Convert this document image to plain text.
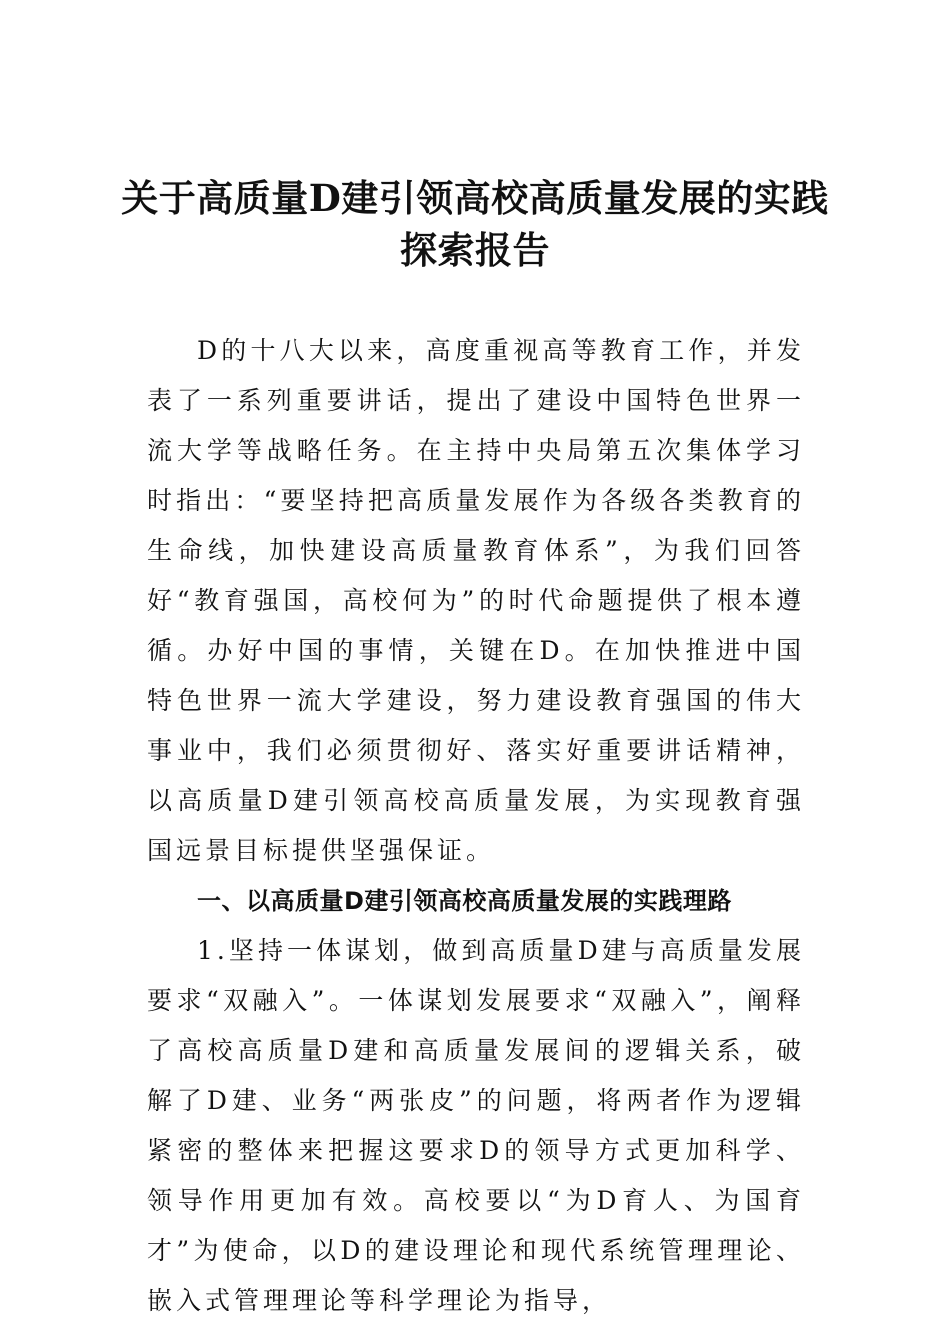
关于高质量D建引领高校高质量发展的实践探索报告

D的十八大以来，高度重视高等教育工作，并发表了一系列重要讲话，提出了建设中国特色世界一流大学等战略任务。在主持中央局第五次集体学习时指出：“要坚持把高质量发展作为各级各类教育的生命线，加快建设高质量教育体系”，为我们回答好“教育强国，高校何为”的时代命题提供了根本遵循。办好中国的事情，关键在D。在加快推进中国特色世界一流大学建设，努力建设教育强国的伟大事业中，我们必须贯彻好、落实好重要讲话精神，以高质量D建引领高校高质量发展，为实现教育强国远景目标提供坚强保证。

一、以高质量D建引领高校高质量发展的实践理路

1.坚持一体谋划，做到高质量D建与高质量发展要求“双融入”。一体谋划发展要求“双融入”，阐释了高校高质量D建和高质量发展间的逻辑关系，破解了D建、业务“两张皮”的问题，将两者作为逻辑紧密的整体来把握这要求D的领导方式更加科学、领导作用更加有效。高校要以“为D育人、为国育才”为使命，以D的建设理论和现代系统管理理论、嵌入式管理理论等科学理论为指导，
